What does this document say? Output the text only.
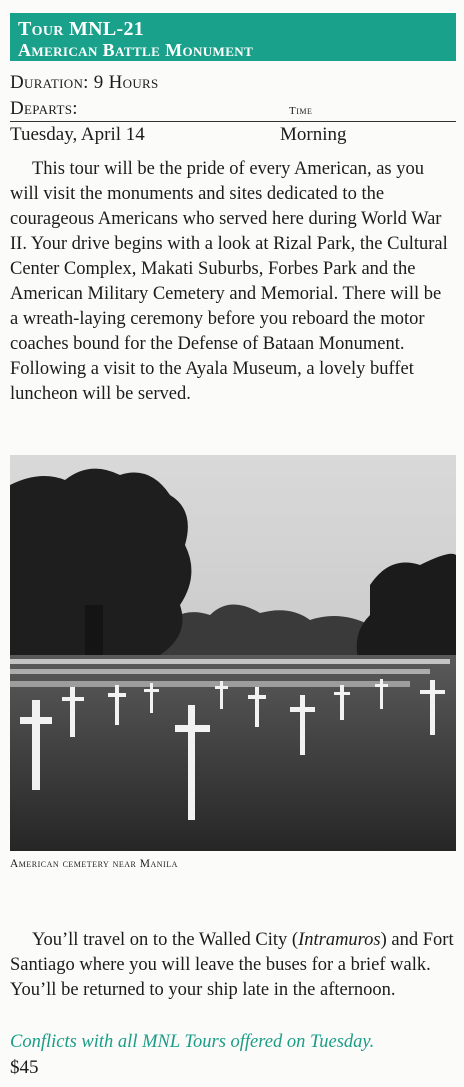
Tour MNL-21
American Battle Monument
Duration: 9 Hours
Departs:	Time
Tuesday, April 14	Morning

This tour will be the pride of every American, as you will visit the monuments and sites dedicated to the courageous Americans who served here during World War II. Your drive begins with a look at Rizal Park, the Cultural Center Complex, Makati Suburbs, Forbes Park and the American Military Cemetery and Memorial. There will be a wreath-laying ceremony before you reboard the motor coaches bound for the Defense of Bataan Monument. Following a visit to the Ayala Museum, a lovely buffet luncheon will be served.

American cemetery near Manila

You’ll travel on to the Walled City (Intramuros) and Fort Santiago where you will leave the buses for a brief walk. You’ll be returned to your ship late in the afternoon.

Conflicts with all MNL Tours offered on Tuesday.
$45
